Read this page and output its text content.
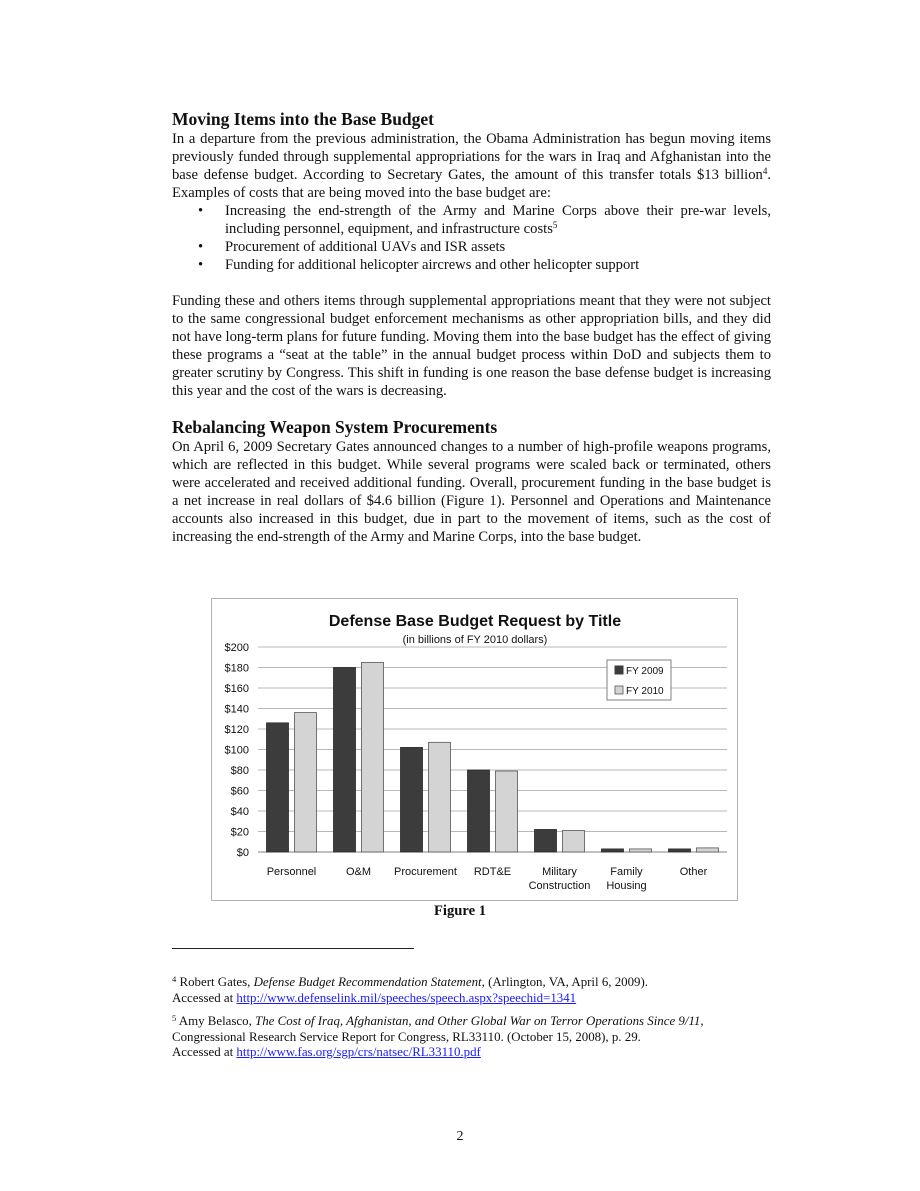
Moving Items into the Base Budget

In a departure from the previous administration, the Obama Administration has begun moving items previously funded through supplemental appropriations for the wars in Iraq and Afghanistan into the base defense budget. According to Secretary Gates, the amount of this transfer totals $13 billion$^4$. Examples of costs that are being moved into the base budget are:

• Increasing the end-strength of the Army and Marine Corps above their pre-war levels, including personnel, equipment, and infrastructure costs$^5$
• Procurement of additional UAVs and ISR assets
• Funding for additional helicopter aircrews and other helicopter support

Funding these and others items through supplemental appropriations meant that they were not subject to the same congressional budget enforcement mechanisms as other appropriation bills, and they did not have long-term plans for future funding. Moving them into the base budget has the effect of giving these programs a “seat at the table” in the annual budget process within DoD and subjects them to greater scrutiny by Congress. This shift in funding is one reason the base defense budget is increasing this year and the cost of the wars is decreasing.

Rebalancing Weapon System Procurements

On April 6, 2009 Secretary Gates announced changes to a number of high-profile weapons programs, which are reflected in this budget. While several programs were scaled back or terminated, others were accelerated and received additional funding. Overall, procurement funding in the base budget is a net increase in real dollars of $4.6 billion (Figure 1). Personnel and Operations and Maintenance accounts also increased in this budget, due in part to the movement of items, such as the cost of increasing the end-strength of the Army and Marine Corps, into the base budget.

Defense Base Budget Request by Title
(in billions of FY 2010 dollars)
$0
$20
$40
$60
$80
$100
$120
$140
$160
$180
$200
Personnel	O&M Procurement RDT&E	Military
Construction
Family
Housing
Other
FY 2009
FY 2010
Figure 1
$^4$ Robert Gates, Defense Budget Recommendation Statement, (Arlington, VA, April 6, 2009).
Accessed at http://www.defenselink.mil/speeches/speech.aspx?speechid=1341
$^5$ Amy Belasco, The Cost of Iraq, Afghanistan, and Other Global War on Terror Operations Since 9/11, Congressional Research Service Report for Congress, RL33110. (October 15, 2008), p. 29.
Accessed at http://www.fas.org/sgp/crs/natsec/RL33110.pdf
2
